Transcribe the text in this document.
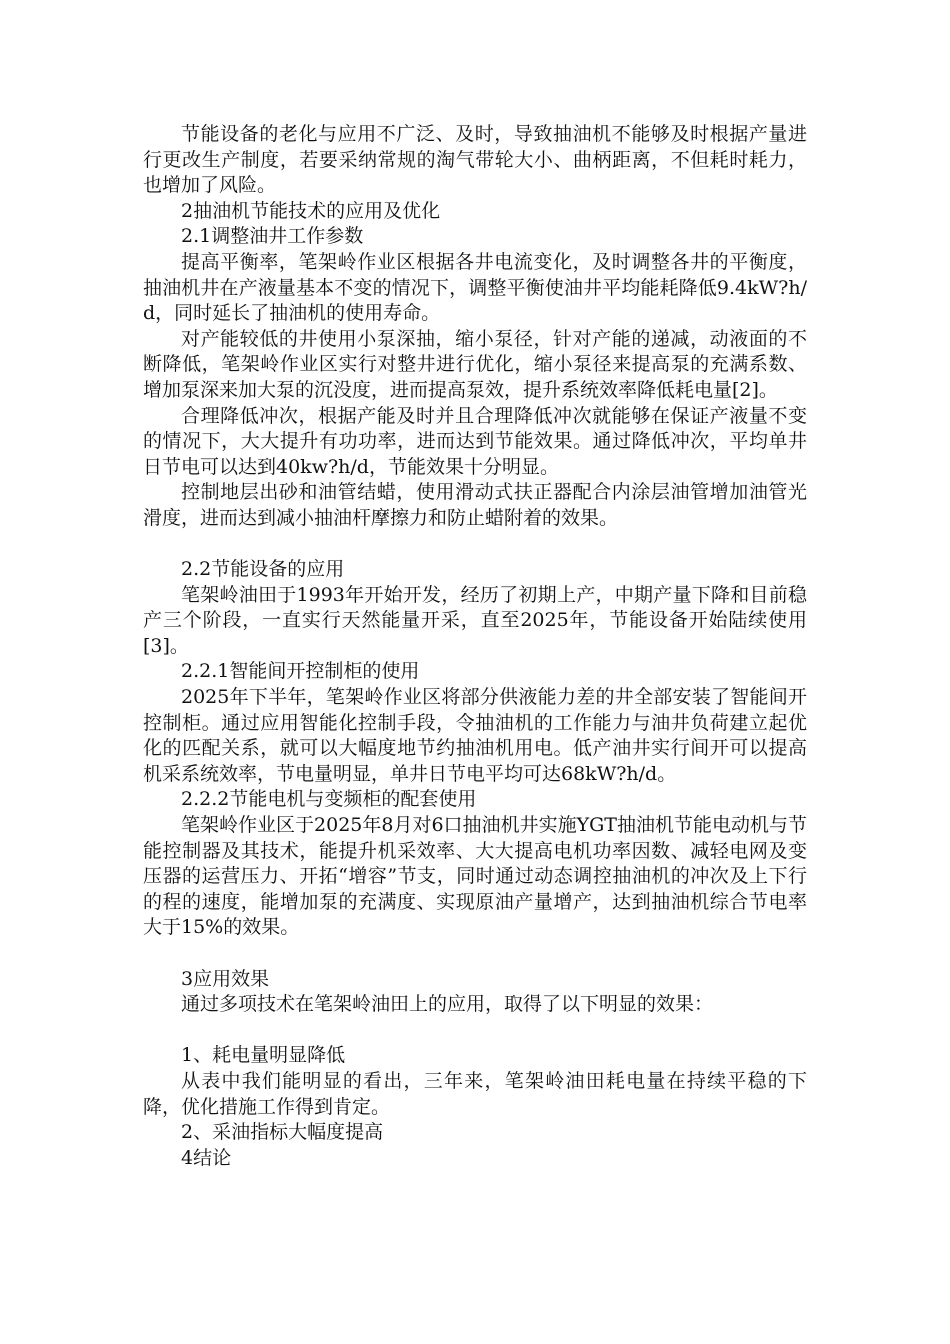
节能设备的老化与应用不广泛、及时，导致抽油机不能够及时根据产量进行更改生产制度，若要采纳常规的淘气带轮大小、曲柄距离，不但耗时耗力，也增加了风险。

2抽油机节能技术的应用及优化

2.1调整油井工作参数

提高平衡率，笔架岭作业区根据各井电流变化，及时调整各井的平衡度，抽油机井在产液量基本不变的情况下，调整平衡使油井平均能耗降低9.4kW?h/d，同时延长了抽油机的使用寿命。

对产能较低的井使用小泵深抽，缩小泵径，针对产能的递减，动液面的不断降低，笔架岭作业区实行对整井进行优化，缩小泵径来提高泵的充满系数、增加泵深来加大泵的沉没度，进而提高泵效，提升系统效率降低耗电量[2]。

合理降低冲次，根据产能及时并且合理降低冲次就能够在保证产液量不变的情况下，大大提升有功功率，进而达到节能效果。通过降低冲次，平均单井日节电可以达到40kw?h/d，节能效果十分明显。

控制地层出砂和油管结蜡，使用滑动式扶正器配合内涂层油管增加油管光滑度，进而达到减小抽油杆摩擦力和防止蜡附着的效果。

2.2节能设备的应用

笔架岭油田于1993年开始开发，经历了初期上产，中期产量下降和目前稳产三个阶段，一直实行天然能量开采，直至2025年，节能设备开始陆续使用[3]。

2.2.1智能间开控制柜的使用

2025年下半年，笔架岭作业区将部分供液能力差的井全部安装了智能间开控制柜。通过应用智能化控制手段，令抽油机的工作能力与油井负荷建立起优化的匹配关系，就可以大幅度地节约抽油机用电。低产油井实行间开可以提高机采系统效率，节电量明显，单井日节电平均可达68kW?h/d。

2.2.2节能电机与变频柜的配套使用

笔架岭作业区于2025年8月对6口抽油机井实施YGT抽油机节能电动机与节能控制器及其技术，能提升机采效率、大大提高电机功率因数、减轻电网及变压器的运营压力、开拓“增容”节支，同时通过动态调控抽油机的冲次及上下行的程的速度，能增加泵的充满度、实现原油产量增产，达到抽油机综合节电率大于15%的效果。

3应用效果

通过多项技术在笔架岭油田上的应用，取得了以下明显的效果：

1、耗电量明显降低

从表中我们能明显的看出，三年来，笔架岭油田耗电量在持续平稳的下降，优化措施工作得到肯定。

2、采油指标大幅度提高

4结论
